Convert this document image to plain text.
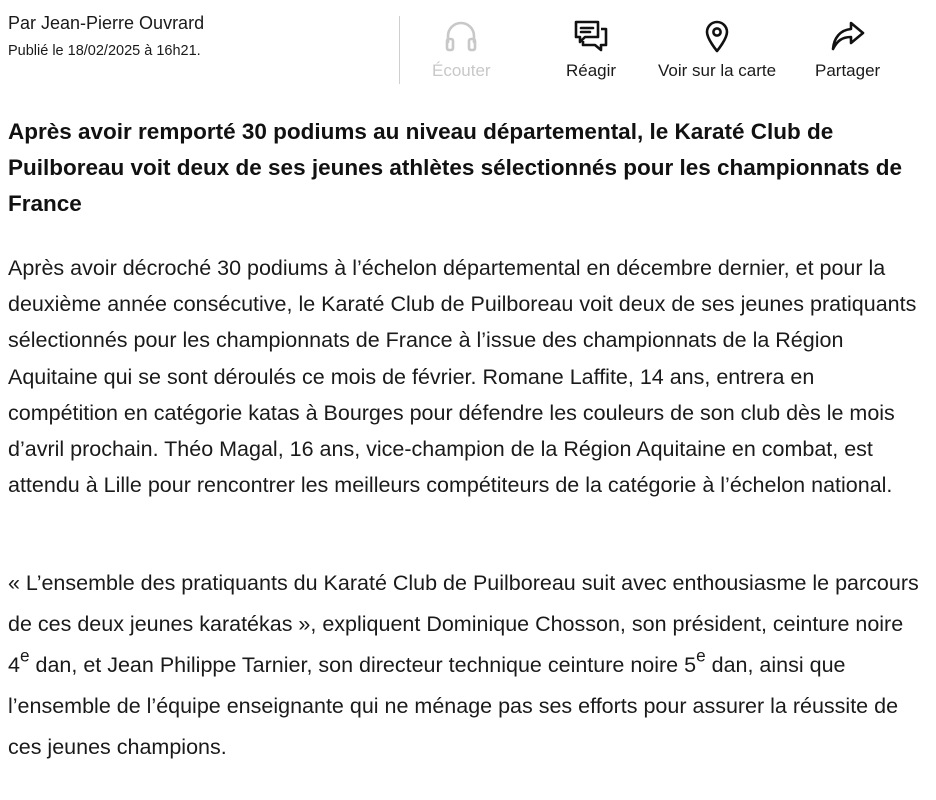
Par Jean-Pierre Ouvrard
Publié le 18/02/2025 à 16h21.
Écouter	Réagir Voir sur la carte Partager

Après avoir remporté 30 podiums au niveau départemental, le Karaté Club de Puilboreau voit deux de ses jeunes athlètes sélectionnés pour les championnats de France

Après avoir décroché 30 podiums à l’échelon départemental en décembre dernier, et pour la deuxième année consécutive, le Karaté Club de Puilboreau voit deux de ses jeunes pratiquants sélectionnés pour les championnats de France à l’issue des championnats de la Région Aquitaine qui se sont déroulés ce mois de février. Romane Laffite, 14 ans, entrera en compétition en catégorie katas à Bourges pour défendre les couleurs de son club dès le mois d’avril prochain. Théo Magal, 16 ans, vice-champion de la Région Aquitaine en combat, est attendu à Lille pour rencontrer les meilleurs compétiteurs de la catégorie à l’échelon national.

« L’ensemble des pratiquants du Karaté Club de Puilboreau suit avec enthousiasme le parcours de ces deux jeunes karatékas », expliquent Dominique Chosson, son président, ceinture noire 4e dan, et Jean Philippe Tarnier, son directeur technique ceinture noire 5e dan, ainsi que l’ensemble de l’équipe enseignante qui ne ménage pas ses efforts pour assurer la réussite de ces jeunes champions.
